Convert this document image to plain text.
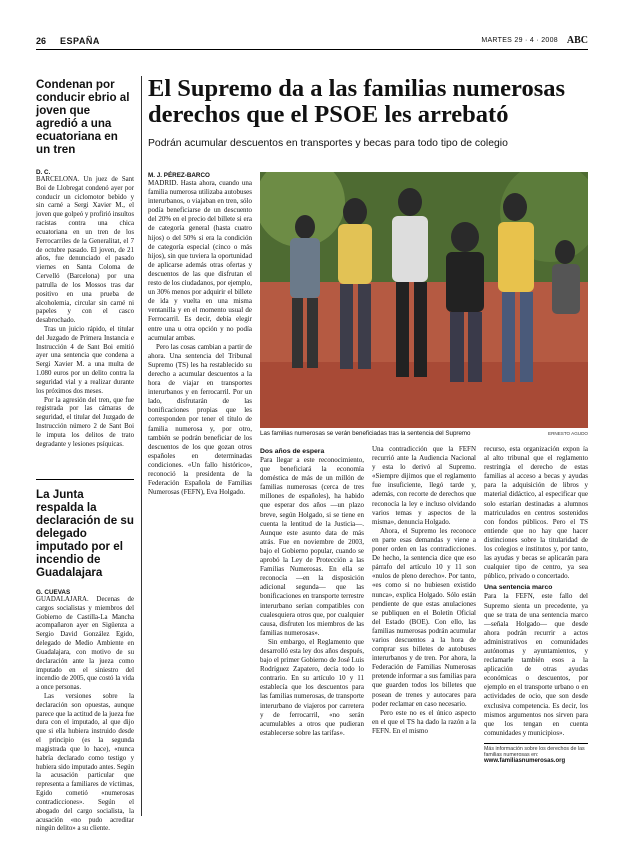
26 ESPAÑA	MARTES 29 · 4 · 2008 ABC
Condenan por conducir ebrio al joven que agredió a una ecuatoriana en un tren
D. C.

BARCELONA. Un juez de Sant Boi de Llobregat condenó ayer por conducir un ciclomotor bebido y sin carné a Sergi Xavier M., el joven que golpeó y profirió insultos racistas contra una chica ecuatoriana en un tren de los Ferrocarriles de la Generalitat, el 7 de octubre pasado. El joven, de 21 años, fue denunciado el pasado viernes en Santa Coloma de Cervelló (Barcelona) por una patrulla de los Mossos tras dar positivo en una prueba de alcoholemia, circular sin carné ni papeles y con el casco desabrochado.

Tras un juicio rápido, el titular del Juzgado de Primera Instancia e Instrucción 4 de Sant Boi emitió ayer una sentencia que condena a Sergi Xavier M. a una multa de 1.080 euros por un delito contra la seguridad vial y a realizar durante los próximos dos meses.

Por la agresión del tren, que fue registrada por las cámaras de seguridad, el titular del Juzgado de Instrucción número 2 de Sant Boi le imputa los delitos de trato degradante y lesiones psíquicas.

La Junta respalda la declaración de su delegado imputado por el incendio de Guadalajara
G. CUEVAS

GUADALAJARA. Decenas de cargos socialistas y miembros del Gobierno de Castilla-La Mancha acompañaron ayer en Sigüenza a Sergio David González Egido, delegado de Medio Ambiente en Guadalajara, con motivo de su declaración ante la jueza como imputado en el siniestro del incendio de 2005, que costó la vida a once personas.

Las versiones sobre la declaración son opuestas, aunque parece que la actitud de la jueza fue dura con el imputado, al que dijo que si ella hubiera instruido desde el principio (es la segunda magistrada que lo hace), «nunca habría declarado como testigo y hubiera sido imputado antes. Según la acusación particular que representa a familiares de víctimas, Egido cometió «numerosas contradicciones». Según el abogado del cargo socialista, la acusación «no pudo acreditar ningún delito» a su cliente.

El Supremo da a las familias numerosas derechos que el PSOE les arrebató
Podrán acumular descuentos en transportes y becas para todo tipo de colegio
M. J. PÉREZ-BARCO

MADRID. Hasta ahora, cuando una familia numerosa utilizaba autobuses interurbanos, o viajaban en tren, sólo podía beneficiarse de un descuento del 20% en el precio del billete si era de categoría general (hasta cuatro hijos) o del 50% si era la condición de categoría especial (cinco o más hijos), sin que tuviera la oportunidad de aplicarse además otras ofertas y descuentos de las que disfrutan el resto de los ciudadanos, por ejemplo, un 30% menos por adquirir el billete de ida y vuelta en una misma ventanilla y en el momento usual de Ferrocarril. Es decir, debía elegir entre una u otra opción y no podía acumular ambas.

Pero las cosas cambian a partir de ahora. Una sentencia del Tribunal Supremo (TS) les ha restablecido su derecho a acumular descuentos a la hora de viajar en transportes interurbanos y en ferrocarril. Por un lado, disfrutarán de las bonificaciones propias que les corresponden por tener el título de familia numerosa y, por otro, también se podrán beneficiar de los descuentos de los que gozan otros españoles en determinadas condiciones. «Un fallo histórico», reconoció la presidenta de la Federación Española de Familias Numerosas (FEFN), Eva Holgado.

Las familias numerosas se verán beneficiadas tras la sentencia del Supremo	ERNESTO AGUDO
Dos años de espera

Para llegar a este reconocimiento, que beneficiará la economía doméstica de más de un millón de familias numerosas (cerca de tres millones de españoles), ha habido que esperar dos años —un plazo breve, según Holgado, si se tiene en cuenta la lentitud de la Justicia—. Aunque este asunto data de más atrás. Fue en noviembre de 2003, bajo el Gobierno popular, cuando se aprobó la Ley de Protección a las Familias Numerosas. En ella se reconocía —en la disposición adicional segunda— que las bonificaciones en transporte terrestre interurbano serían compatibles con cualesquiera otros que, por cualquier causa, disfruten los miembros de las familias numerosas».

Sin embargo, el Reglamento que desarrolló esta ley dos años después, bajo el primer Gobierno de José Luis Rodríguez Zapatero, decía todo lo contrario. En su artículo 10 y 11 establecía que los descuentos para las familias numerosas, de transporte interurbano de viajeros por carretera y de ferrocarril, «no serán acumulables a otros que pudieran establecerse sobre las tarifas».

Una contradicción que la FEFN recurrió ante la Audiencia Nacional y esta lo derivó al Supremo. «Siempre dijimos que el reglamento fue insuficiente, llegó tarde y, además, con recorte de derechos que reconocía la ley e incluso olvidando varios temas y aspectos de la misma», denuncia Holgado.

Ahora, el Supremo les reconoce en parte esas demandas y viene a poner orden en las contradicciones. De hecho, la sentencia dice que eso párrafo del artículo 10 y 11 son «nulos de pleno derecho». Por tanto, «es como si no hubiesen existido nunca», explica Holgado. Sólo están pendiente de que estas anulaciones se publiquen en el Boletín Oficial del Estado (BOE). Con ello, las familias numerosas podrán acumular varios descuentos a la hora de comprar sus billetes de autobuses interurbanos y de tren. Por ahora, la Federación de Familias Numerosas pretende informar a sus familias para que guarden todos los billetes que posean de trenes y autocares para poder reclamar en caso necesario.

Pero este no es el único aspecto en el que el TS ha dado la razón a la FEFN. En el mismo

recurso, esta organización expon ía al alto tribunal que el reglamento restringía el derecho de estas familias al acceso a becas y ayudas para la adquisición de libros y material didáctico, al especificar que solo estarían destinadas a alumnos matriculados en centros sostenidos con fondos públicos. Pero el TS entiende que no hay que hacer distinciones sobre la titularidad de los colegios e institutos y, por tanto, las ayudas y becas se aplicarán para cualquier tipo de centro, ya sea público, privado o concertado.

Una sentencia marco

Para la FEFN, este fallo del Supremo sienta un precedente, ya que se trata de una sentencia marco —señala Holgado— que desde ahora podrán recurrir a actos administrativos en comunidades autónomas y ayuntamientos, y reclamarle también esos a la aplicación de otras ayudas económicas o descuentos, por ejemplo en el transporte urbano o en actividades de ocio, que son desde exclusiva competencia. Es decir, los mismos argumentos nos sirven para que los tengan en cuenta comunidades y municipios».

Más información sobre los derechos de las familias numerosas en:
www.familiasnumerosas.org
